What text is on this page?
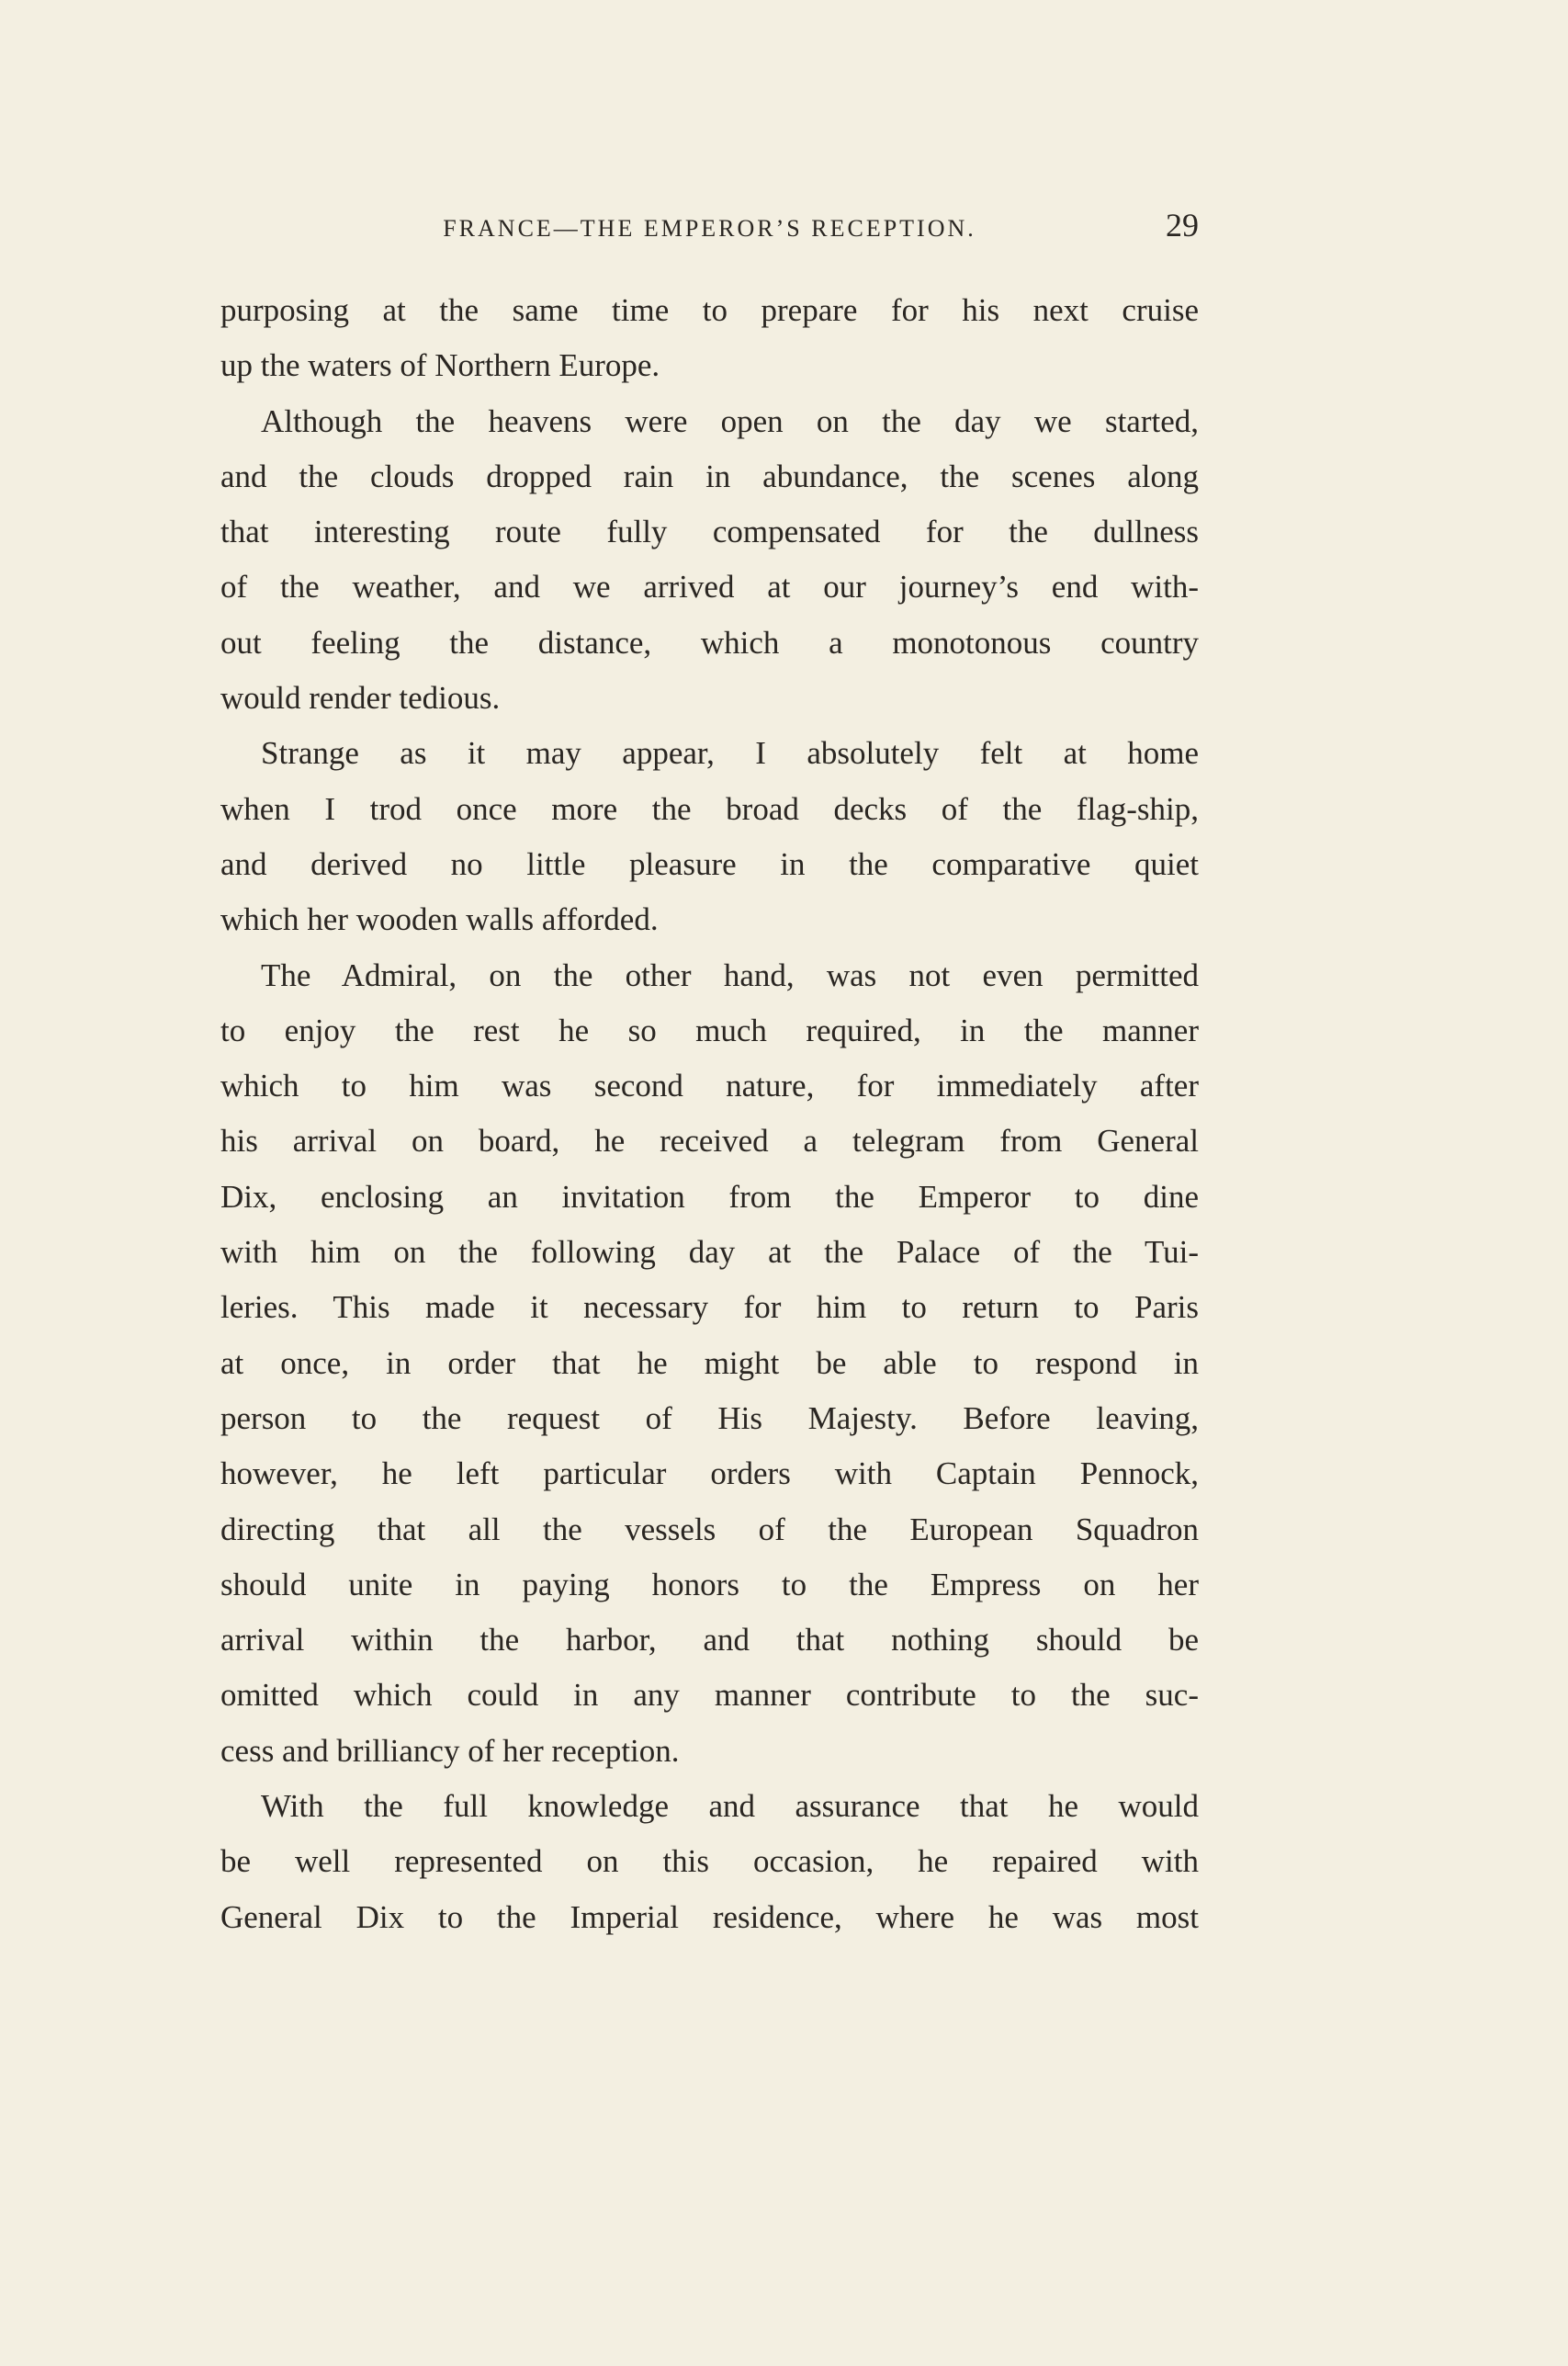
FRANCE—THE EMPEROR’S RECEPTION.	29
purposing at the same time to prepare for his next cruise
up the waters of Northern Europe.
Although the heavens were open on the day we started,
and the clouds dropped rain in abundance, the scenes along
that interesting route fully compensated for the dullness
of the weather, and we arrived at our journey’s end with-
out feeling the distance, which a monotonous country
would render tedious.
Strange as it may appear, I absolutely felt at home
when I trod once more the broad decks of the flag-ship,
and derived no little pleasure in the comparative quiet
which her wooden walls afforded.
The Admiral, on the other hand, was not even permitted
to enjoy the rest he so much required, in the manner
which to him was second nature, for immediately after
his arrival on board, he received a telegram from General
Dix, enclosing an invitation from the Emperor to dine
with him on the following day at the Palace of the Tui-
leries. This made it necessary for him to return to Paris
at once, in order that he might be able to respond in
person to the request of His Majesty. Before leaving,
however, he left particular orders with Captain Pennock,
directing that all the vessels of the European Squadron
should unite in paying honors to the Empress on her
arrival within the harbor, and that nothing should be
omitted which could in any manner contribute to the suc-
cess and brilliancy of her reception.
With the full knowledge and assurance that he would
be well represented on this occasion, he repaired with
General Dix to the Imperial residence, where he was most
